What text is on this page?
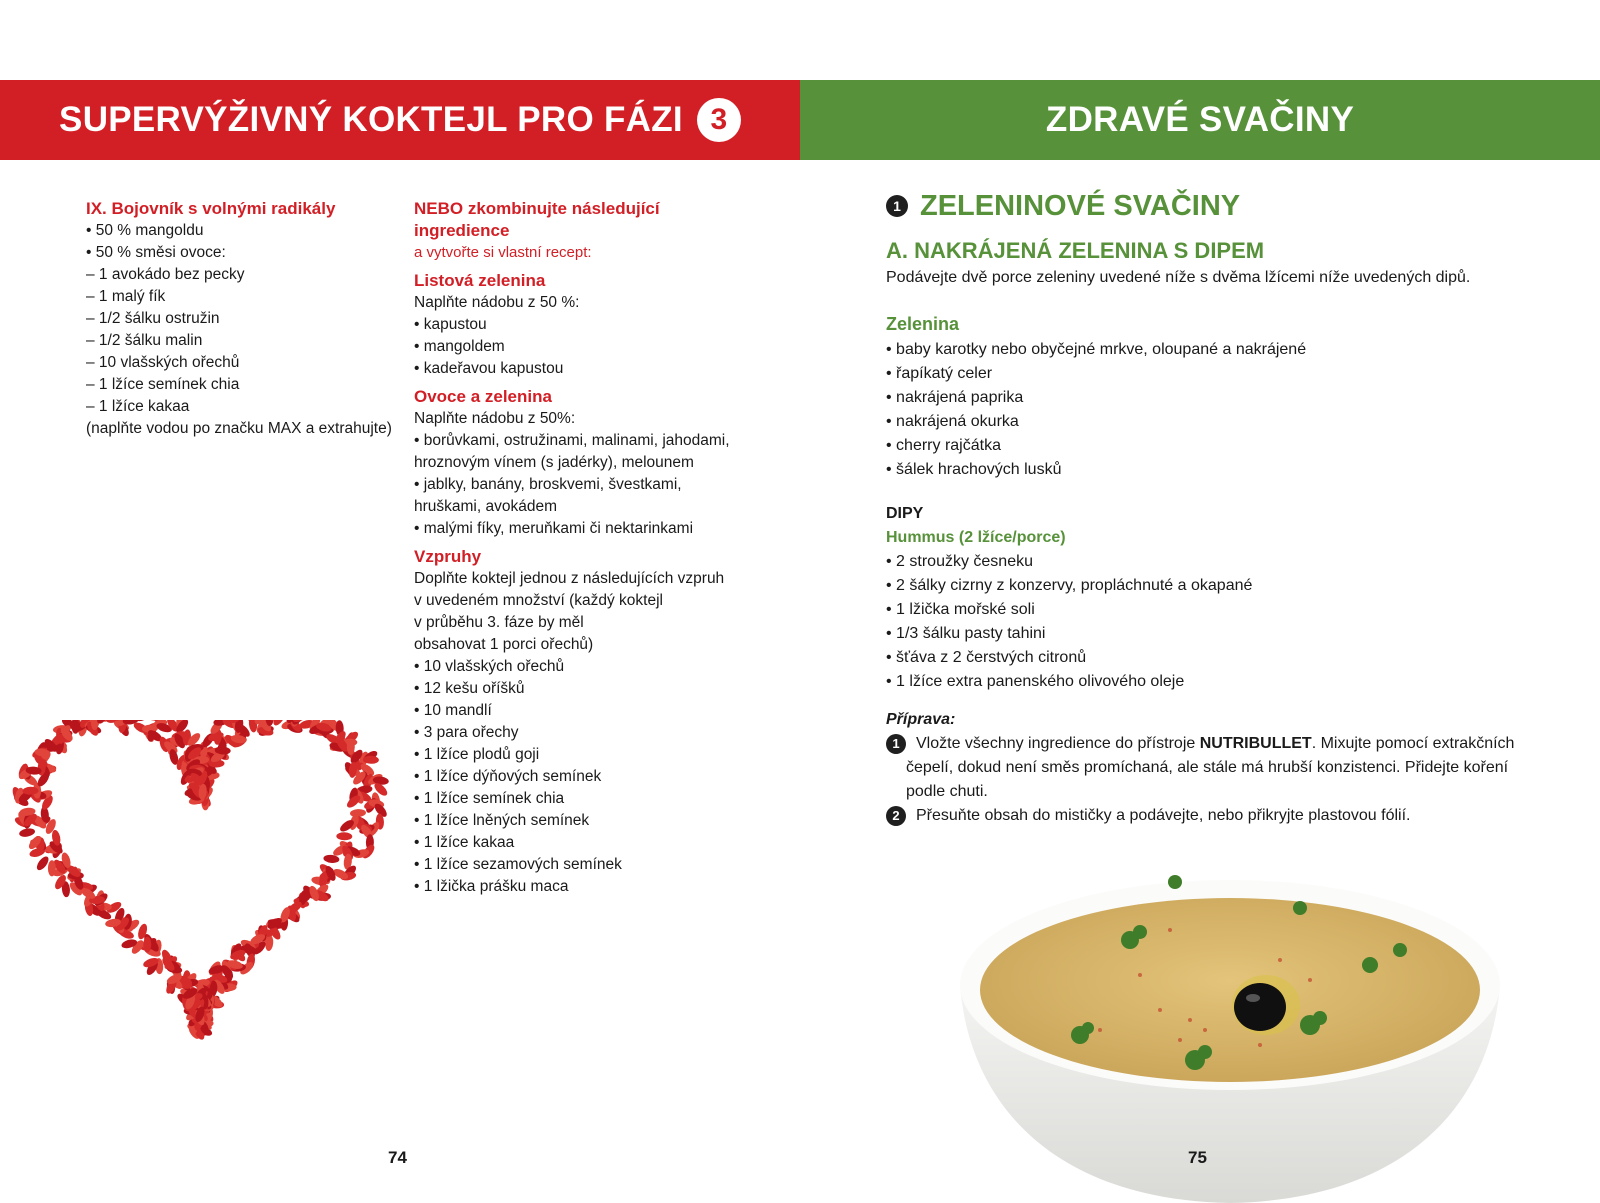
SUPERVÝŽIVNÝ KOKTEJL PRO FÁZI 3	ZDRAVÉ SVAČINY
IX. Bojovník s volnými radikály
• 50 % mangoldu
• 50 % směsi ovoce:
– 1 avokádo bez pecky
– 1 malý fík
– 1/2 šálku ostružin
– 1/2 šálku malin
– 10 vlašských ořechů
– 1 lžíce semínek chia
– 1 lžíce kakaa
(naplňte vodou po značku MAX a extrahujte)
NEBO zkombinujte následující
ingredience
a vytvořte si vlastní recept:
Listová zelenina
Naplňte nádobu z 50 %:
• kapustou
• mangoldem
• kadeřavou kapustou
Ovoce a zelenina
Naplňte nádobu z 50%:
• borůvkami, ostružinami, malinami, jahodami,
hroznovým vínem (s jadérky), melounem
• jablky, banány, broskvemi, švestkami,
hruškami, avokádem
• malými fíky, meruňkami či nektarinkami
Vzpruhy
Doplňte koktejl jednou z následujících vzpruh
v uvedeném množství (každý koktejl
v průběhu 3. fáze by měl
obsahovat 1 porci ořechů)
• 10 vlašských ořechů
• 12 kešu oříšků
• 10 mandlí
• 3 para ořechy
• 1 lžíce plodů goji
• 1 lžíce dýňových semínek
• 1 lžíce semínek chia
• 1 lžíce lněných semínek
• 1 lžíce kakaa
• 1 lžíce sezamových semínek
• 1 lžička prášku maca
74
1 ZELENINOVÉ SVAČINY
A. NAKRÁJENÁ ZELENINA S DIPEM
Podávejte dvě porce zeleniny uvedené níže s dvěma lžícemi níže uvedených dipů.
Zelenina
• baby karotky nebo obyčejné mrkve, oloupané a nakrájené
• řapíkatý celer
• nakrájená paprika
• nakrájená okurka
• cherry rajčátka
• šálek hrachových lusků
DIPY
Hummus (2 lžíce/porce)
• 2 stroužky česneku
• 2 šálky cizrny z konzervy, propláchnuté a okapané
• 1 lžička mořské soli
• 1/3 šálku pasty tahini
• šťáva z 2 čerstvých citronů
• 1 lžíce extra panenského olivového oleje
Příprava:
1	Vložte všechny ingredience do přístroje NUTRIBULLET. Mixujte pomocí extrakčních
čepelí, dokud není směs promíchaná, ale stále má hrubší konzistenci. Přidejte koření
podle chuti.
2	Přesuňte obsah do mističky a podávejte, nebo přikryjte plastovou fólií.
75
